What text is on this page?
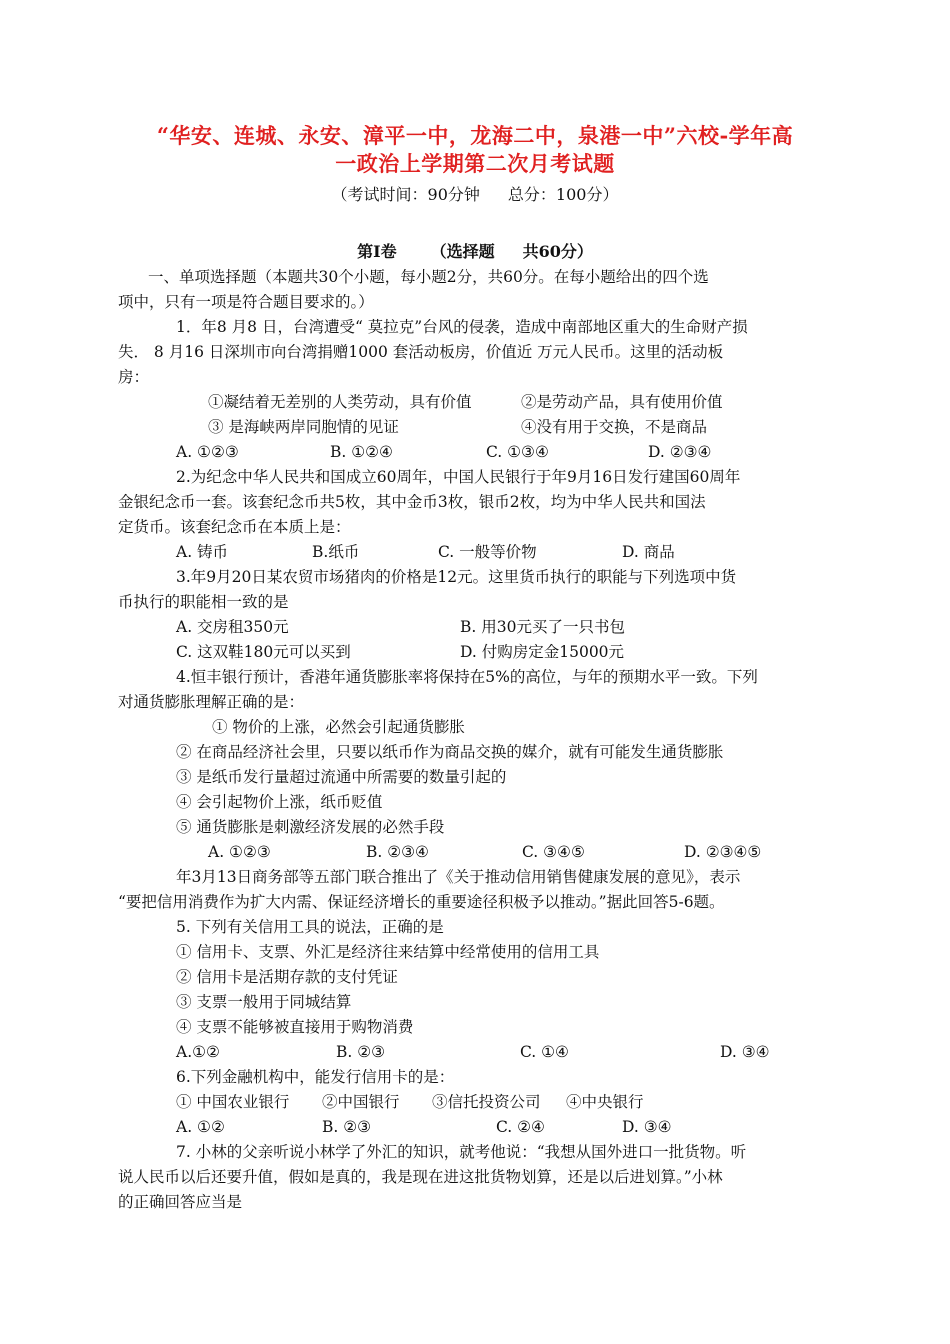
“华安、连城、永安、漳平一中，龙海二中，泉港一中”六校-学年高
一政治上学期第二次月考试题
（考试时间：90分钟 总分：100分）
第Ⅰ卷 （选择题 共60分）
一、单项选择题（本题共30个小题，每小题2分，共60分。在每小题给出的四个选
项中，只有一项是符合题目要求的。）
1．年8 月8 日，台湾遭受“ 莫拉克”台风的侵袭，造成中南部地区重大的生命财产损
失． 8 月16 日深圳市向台湾捐赠1000 套活动板房，价值近 万元人民币。这里的活动板
房：
①凝结着无差别的人类劳动，具有价值	②是劳动产品，具有使用价值
③ 是海峡两岸同胞情的见证	④没有用于交换，不是商品
A. ①②③	B. ①②④	C. ①③④	D. ②③④
2.为纪念中华人民共和国成立60周年，中国人民银行于年9月16日发行建国60周年
金银纪念币一套。该套纪念币共5枚，其中金币3枚，银币2枚，均为中华人民共和国法
定货币。该套纪念币在本质上是：
A. 铸币	B.纸币	C. 一般等价物	D. 商品
3.年9月20日某农贸市场猪肉的价格是12元。这里货币执行的职能与下列选项中货
币执行的职能相一致的是
A. 交房租350元	B. 用30元买了一只书包
C. 这双鞋180元可以买到	D. 付购房定金15000元
4.恒丰银行预计，香港年通货膨胀率将保持在5%的高位，与年的预期水平一致。下列
对通货膨胀理解正确的是：
① 物价的上涨，必然会引起通货膨胀
② 在商品经济社会里，只要以纸币作为商品交换的媒介，就有可能发生通货膨胀
③ 是纸币发行量超过流通中所需要的数量引起的
④ 会引起物价上涨，纸币贬值
⑤ 通货膨胀是刺激经济发展的必然手段
A. ①②③	B. ②③④	C. ③④⑤	D. ②③④⑤
年3月13日商务部等五部门联合推出了《关于推动信用销售健康发展的意见》，表示
“要把信用消费作为扩大内需、保证经济增长的重要途径积极予以推动。”据此回答5-6题。
5. 下列有关信用工具的说法，正确的是
① 信用卡、支票、外汇是经济往来结算中经常使用的信用工具
② 信用卡是活期存款的支付凭证
③ 支票一般用于同城结算
④ 支票不能够被直接用于购物消费
A.①②	B. ②③	C. ①④	D. ③④
6.下列金融机构中，能发行信用卡的是：
① 中国农业银行 ②中国银行 ③信托投资公司 ④中央银行
A. ①②	B. ②③	C. ②④	D. ③④
7. 小林的父亲听说小林学了外汇的知识，就考他说：“我想从国外进口一批货物。听
说人民币以后还要升值，假如是真的，我是现在进这批货物划算，还是以后进划算。”小林
的正确回答应当是
